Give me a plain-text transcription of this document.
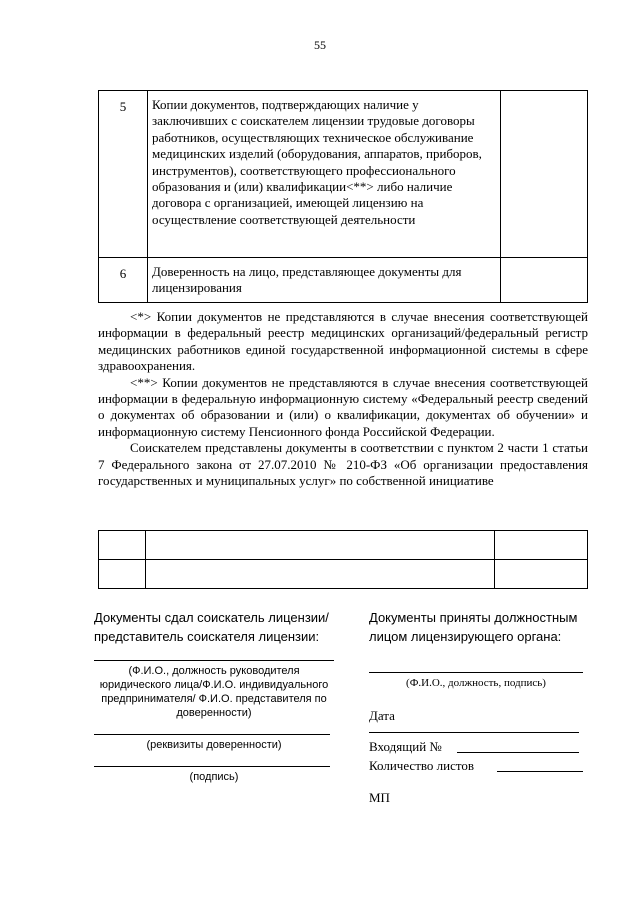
55
5	Копии документов, подтверждающих наличие у заключивших с соискателем лицензии трудовые договоры работников, осуществляющих техническое обслуживание медицинских изделий (оборудования, аппаратов, приборов, инструментов), соответствующего профессионального образования и (или) квалификации<**> либо наличие договора с организацией, имеющей лицензию на осуществление соответствующей деятельности	
6	Доверенность на лицо, представляющее документы для лицензирования	

<*> Копии документов не представляются в случае внесения соответствующей информации в федеральный реестр медицинских организаций/федеральный регистр медицинских работников единой государственной информационной системы в сфере здравоохранения.

<**> Копии документов не представляются в случае внесения соответствующей информации в федеральную информационную систему «Федеральный реестр сведений о документах об образовании и (или) о квалификации, документах об обучении» и информационную систему Пенсионного фонда Российской Федерации.

Соискателем представлены документы в соответствии с пунктом 2 части 1 статьи 7 Федерального закона от 27.07.2010 № 210-ФЗ «Об организации предоставления государственных и муниципальных услуг» по собственной инициативе

Документы сдал соискатель лицензии/представитель соискателя лицензии:

(Ф.И.О., должность руководителя юридического лица/Ф.И.О. индивидуального предпринимателя/ Ф.И.О. представителя по доверенности)

(реквизиты доверенности)

(подпись)

Документы приняты должностным лицом лицензирующего органа:

(Ф.И.О., должность, подпись)

Дата
Входящий №
Количество листов
МП
